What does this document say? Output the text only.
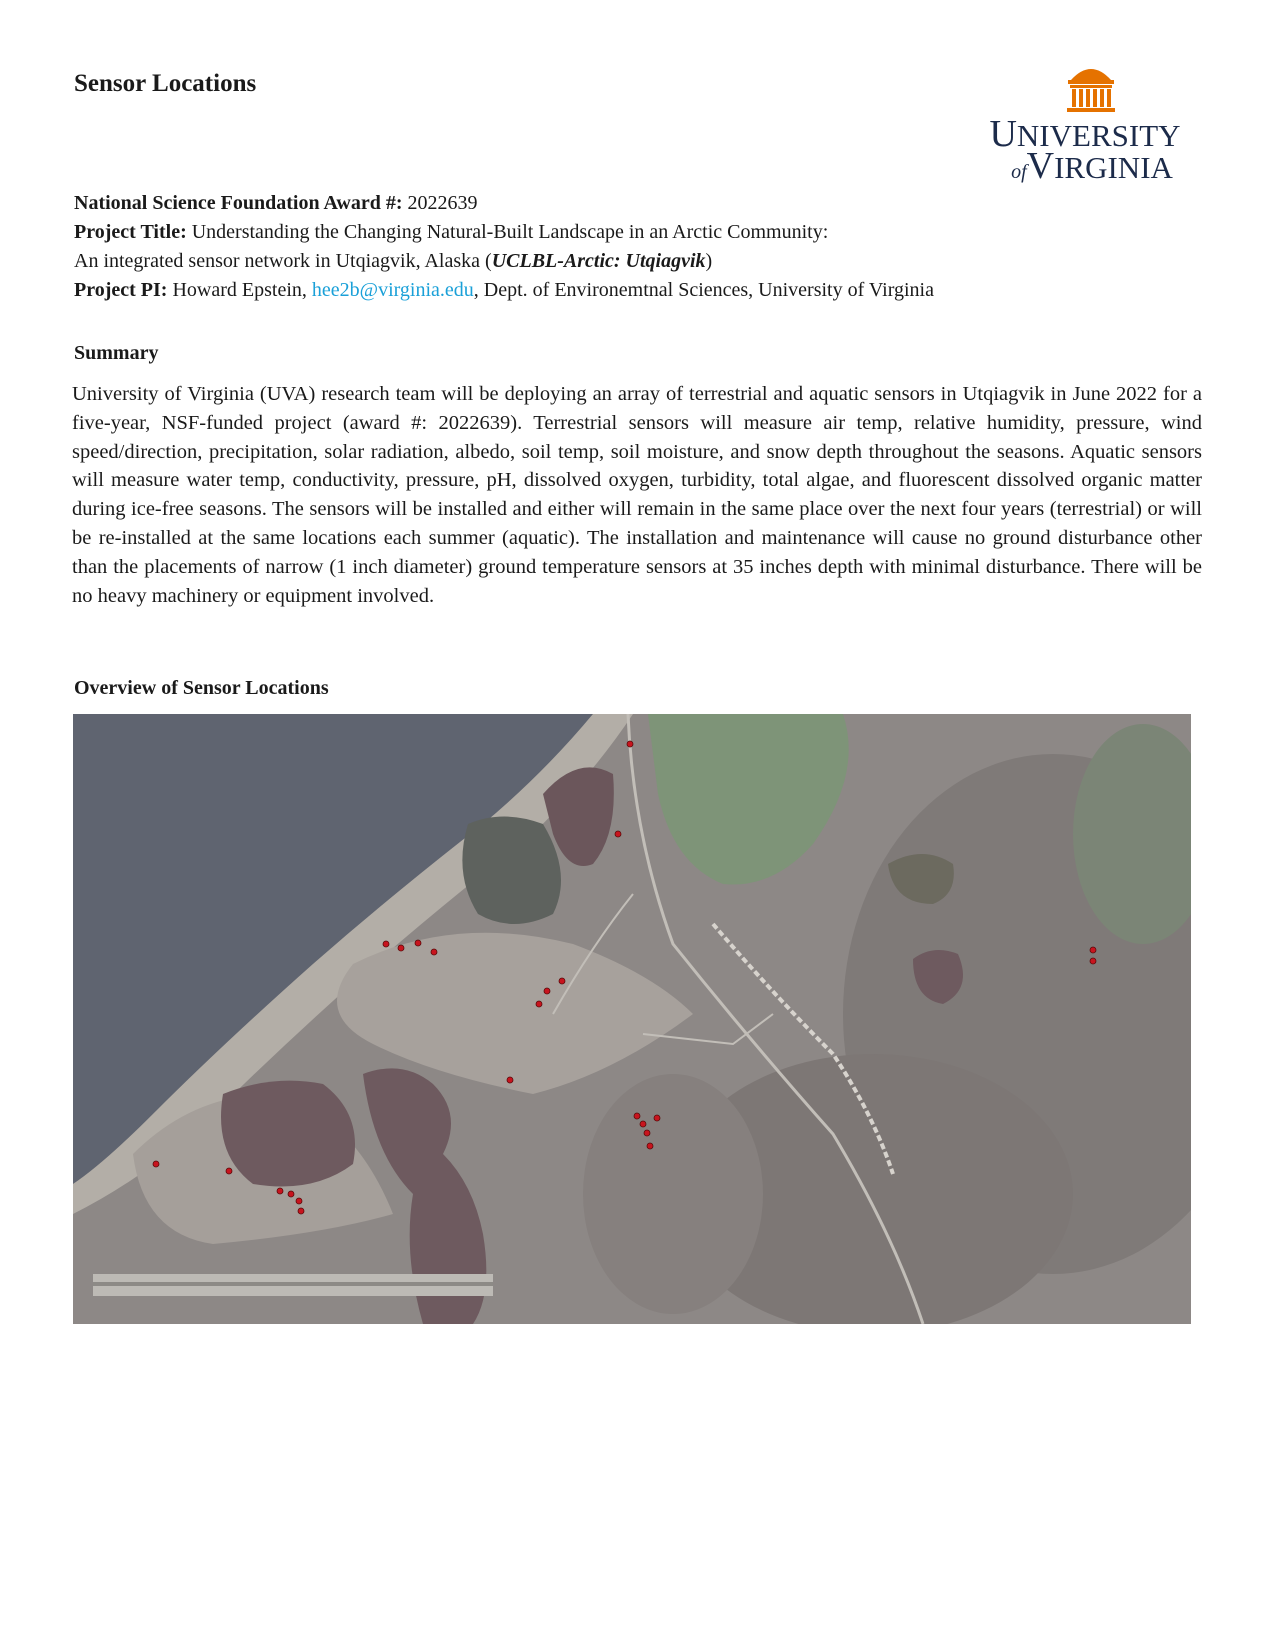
Sensor Locations
UNIVERSITY
ofVIRGINIA
National Science Foundation Award #: 2022639
Project Title: Understanding the Changing Natural-Built Landscape in an Arctic Community:
An integrated sensor network in Utqiagvik, Alaska (UCLBL-Arctic: Utqiagvik)
Project PI: Howard Epstein, hee2b@virginia.edu, Dept. of Environemtnal Sciences, University of Virginia
Summary

University of Virginia (UVA) research team will be deploying an array of terrestrial and aquatic sensors in Utqiagvik in June 2022 for a five-year, NSF-funded project (award #: 2022639). Terrestrial sensors will measure air temp, relative humidity, pressure, wind speed/direction, precipitation, solar radiation, albedo, soil temp, soil moisture, and snow depth throughout the seasons. Aquatic sensors will measure water temp, conductivity, pressure, pH, dissolved oxygen, turbidity, total algae, and fluorescent dissolved organic matter during ice-free seasons. The sensors will be installed and either will remain in the same place over the next four years (terrestrial) or will be re-installed at the same locations each summer (aquatic). The installation and maintenance will cause no ground disturbance other than the placements of narrow (1 inch diameter) ground temperature sensors at 35 inches depth with minimal disturbance. There will be no heavy machinery or equipment involved.

Overview of Sensor Locations
